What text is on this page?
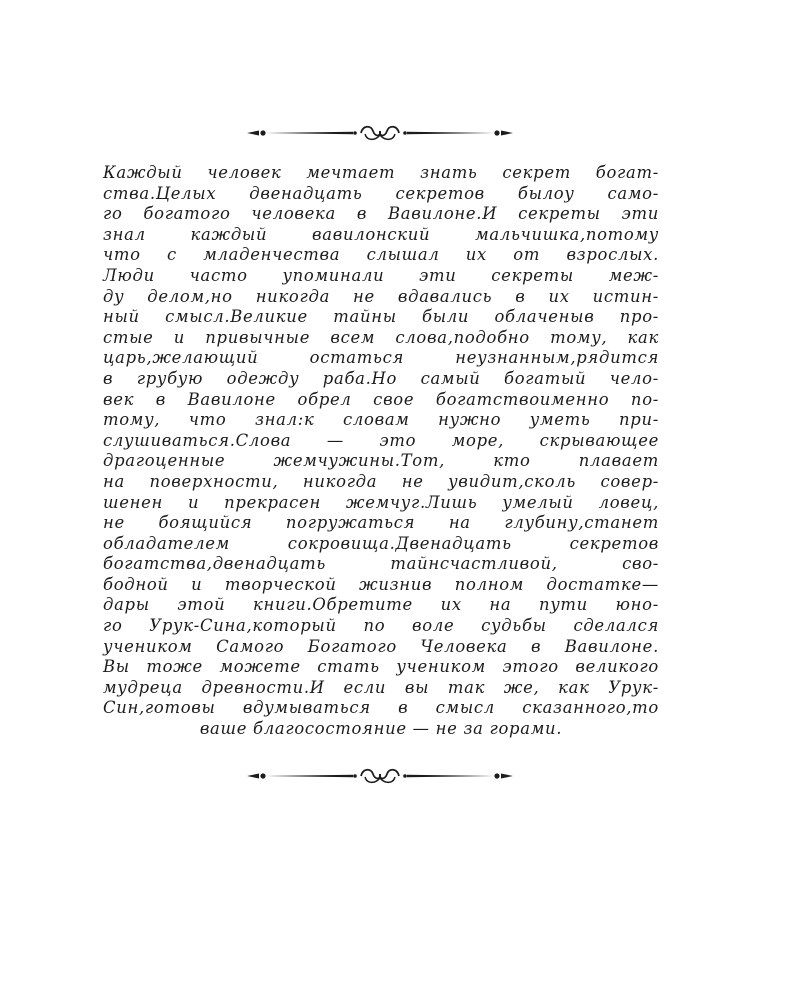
Каждый человек мечтает знать секрет богат-
ства.Целых двенадцать секретов былоу само-
го богатого человека в Вавилоне.И секреты эти
знал каждый вавилонский мальчишка,потому
что с младенчества слышал их от взрослых.
Люди часто упоминали эти секреты меж-
ду делом,но никогда не вдавались в их истин-
ный смысл.Великие тайны были облаченыв про-
стые и привычные всем слова,подобно тому, как
царь,желающий остаться неузнанным,рядится
в грубую одежду раба.Но самый богатый чело-
век в Вавилоне обрел свое богатствоименно по-
тому, что знал:к словам нужно уметь при-
слушиваться.Слова — это море, скрывающее
драгоценные жемчужины.Тот, кто плавает
на поверхности, никогда не увидит,сколь совер-
шенен и прекрасен жемчуг.Лишь умелый ловец,
не боящийся погружаться на глубину,станет
обладателем сокровища.Двенадцать секретов
богатства,двенадцать тайнсчастливой, сво-
бодной и творческой жизнив полном достатке—
дары этой книги.Обретите их на пути юно-
го Урук-Сина,который по воле судьбы сделался
учеником Самого Богатого Человека в Вавилоне.
Вы тоже можете стать учеником этого великого
мудреца древности.И если вы так же, как Урук-
Син,готовы вдумываться в смысл сказанного,то
ваше благосостояние — не за горами.
